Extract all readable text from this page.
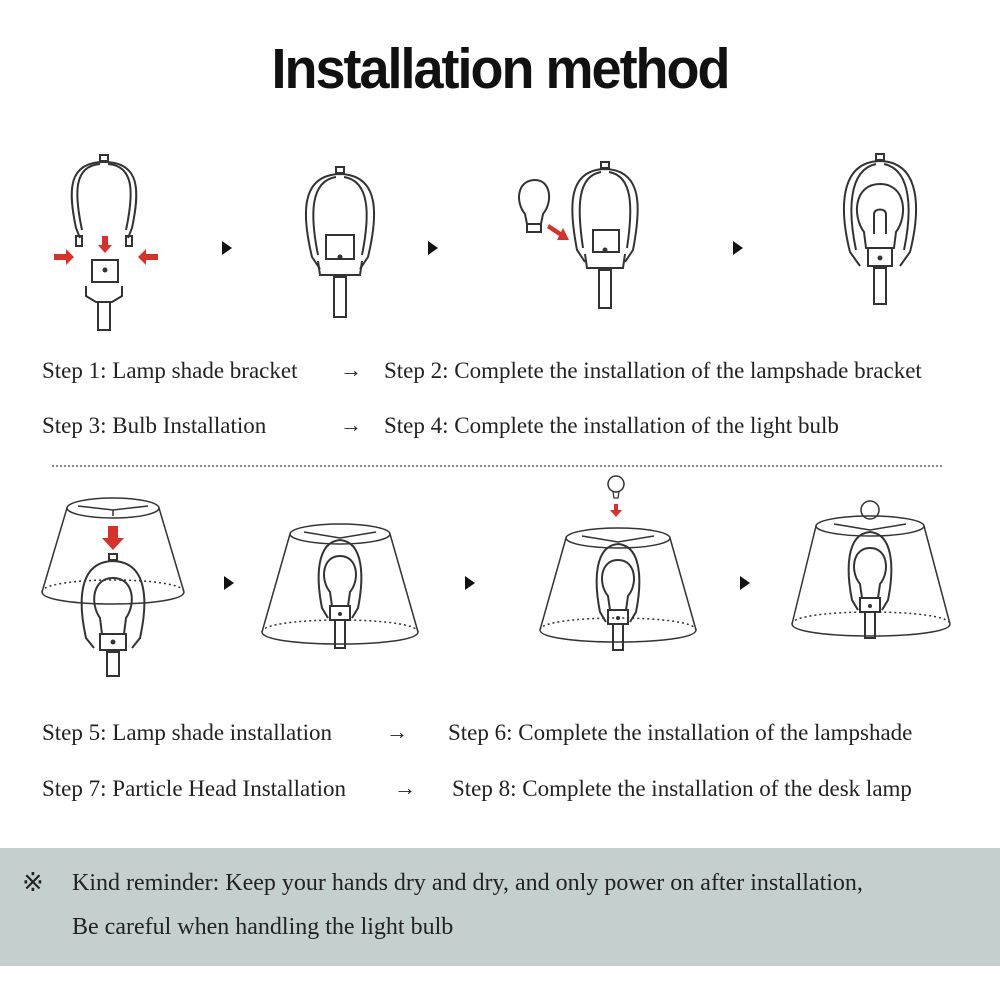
Installation method
Step 1: Lamp shade bracket → Step 2: Complete the installation of the lampshade bracket
Step 3: Bulb Installation	→ Step 4: Complete the installation of the light bulb
Step 5: Lamp shade installation → Step 6: Complete the installation of the lampshade
Step 7: Particle Head Installation → Step 8: Complete the installation of the desk lamp
※ Kind reminder: Keep your hands dry and dry, and only power on after installation,
Be careful when handling the light bulb
